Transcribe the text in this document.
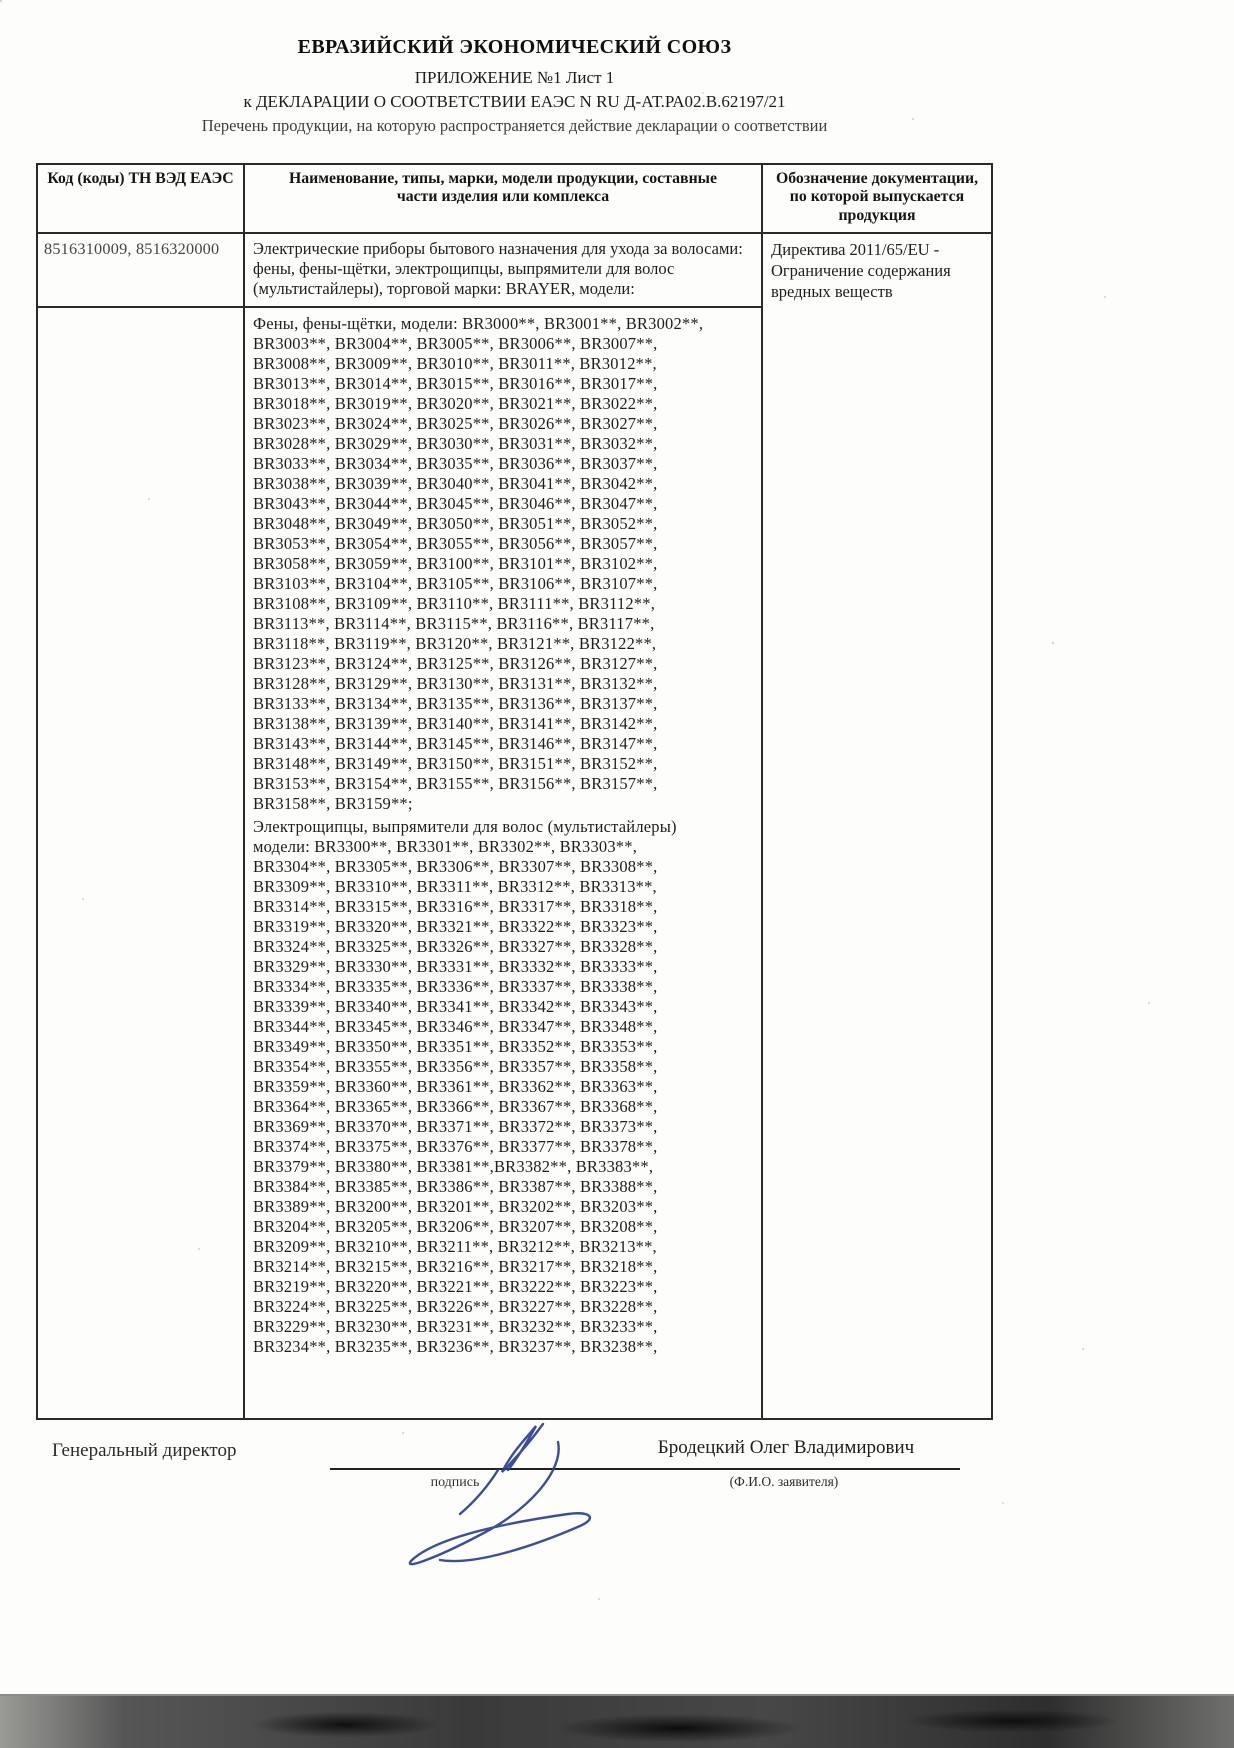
ЕВРАЗИЙСКИЙ ЭКОНОМИЧЕСКИЙ СОЮЗ
ПРИЛОЖЕНИЕ №1 Лист 1
к ДЕКЛАРАЦИИ О СООТВЕТСТВИИ ЕАЭС N RU Д-АТ.РА02.В.62197/21
Перечень продукции, на которую распространяется действие декларации о соответствии
Код (коды) ТН ВЭД ЕАЭС	Наименование, типы, марки, модели продукции, составные части изделия или комплекса
Обозначение документации, по которой выпускается продукция
8516310009, 8516320000	Электрические приборы бытового назначения для ухода за волосами: фены, фены-щётки, электрощипцы, выпрямители для волос (мультистайлеры), торговой марки: BRAYER, модели:
Директива 2011/65/EU - Ограничение содержания вредных веществ
Фены, фены-щётки, модели: BR3000**, BR3001**, BR3002**,
BR3003**, BR3004**, BR3005**, BR3006**, BR3007**,
BR3008**, BR3009**, BR3010**, BR3011**, BR3012**,
BR3013**, BR3014**, BR3015**, BR3016**, BR3017**,
BR3018**, BR3019**, BR3020**, BR3021**, BR3022**,
BR3023**, BR3024**, BR3025**, BR3026**, BR3027**,
BR3028**, BR3029**, BR3030**, BR3031**, BR3032**,
BR3033**, BR3034**, BR3035**, BR3036**, BR3037**,
BR3038**, BR3039**, BR3040**, BR3041**, BR3042**,
BR3043**, BR3044**, BR3045**, BR3046**, BR3047**,
BR3048**, BR3049**, BR3050**, BR3051**, BR3052**,
BR3053**, BR3054**, BR3055**, BR3056**, BR3057**,
BR3058**, BR3059**, BR3100**, BR3101**, BR3102**,
BR3103**, BR3104**, BR3105**, BR3106**, BR3107**,
BR3108**, BR3109**, BR3110**, BR3111**, BR3112**,
BR3113**, BR3114**, BR3115**, BR3116**, BR3117**,
BR3118**, BR3119**, BR3120**, BR3121**, BR3122**,
BR3123**, BR3124**, BR3125**, BR3126**, BR3127**,
BR3128**, BR3129**, BR3130**, BR3131**, BR3132**,
BR3133**, BR3134**, BR3135**, BR3136**, BR3137**,
BR3138**, BR3139**, BR3140**, BR3141**, BR3142**,
BR3143**, BR3144**, BR3145**, BR3146**, BR3147**,
BR3148**, BR3149**, BR3150**, BR3151**, BR3152**,
BR3153**, BR3154**, BR3155**, BR3156**, BR3157**,
BR3158**, BR3159**;
Электрощипцы, выпрямители для волос (мультистайлеры)
модели: BR3300**, BR3301**, BR3302**, BR3303**,
BR3304**, BR3305**, BR3306**, BR3307**, BR3308**,
BR3309**, BR3310**, BR3311**, BR3312**, BR3313**,
BR3314**, BR3315**, BR3316**, BR3317**, BR3318**,
BR3319**, BR3320**, BR3321**, BR3322**, BR3323**,
BR3324**, BR3325**, BR3326**, BR3327**, BR3328**,
BR3329**, BR3330**, BR3331**, BR3332**, BR3333**,
BR3334**, BR3335**, BR3336**, BR3337**, BR3338**,
BR3339**, BR3340**, BR3341**, BR3342**, BR3343**,
BR3344**, BR3345**, BR3346**, BR3347**, BR3348**,
BR3349**, BR3350**, BR3351**, BR3352**, BR3353**,
BR3354**, BR3355**, BR3356**, BR3357**, BR3358**,
BR3359**, BR3360**, BR3361**, BR3362**, BR3363**,
BR3364**, BR3365**, BR3366**, BR3367**, BR3368**,
BR3369**, BR3370**, BR3371**, BR3372**, BR3373**,
BR3374**, BR3375**, BR3376**, BR3377**, BR3378**,
BR3379**, BR3380**, BR3381**,BR3382**, BR3383**,
BR3384**, BR3385**, BR3386**, BR3387**, BR3388**,
BR3389**, BR3200**, BR3201**, BR3202**, BR3203**,
BR3204**, BR3205**, BR3206**, BR3207**, BR3208**,
BR3209**, BR3210**, BR3211**, BR3212**, BR3213**,
BR3214**, BR3215**, BR3216**, BR3217**, BR3218**,
BR3219**, BR3220**, BR3221**, BR3222**, BR3223**,
BR3224**, BR3225**, BR3226**, BR3227**, BR3228**,
BR3229**, BR3230**, BR3231**, BR3232**, BR3233**,
BR3234**, BR3235**, BR3236**, BR3237**, BR3238**,
Генеральный директор
подпись
Бродецкий Олег Владимирович
(Ф.И.О. заявителя)
